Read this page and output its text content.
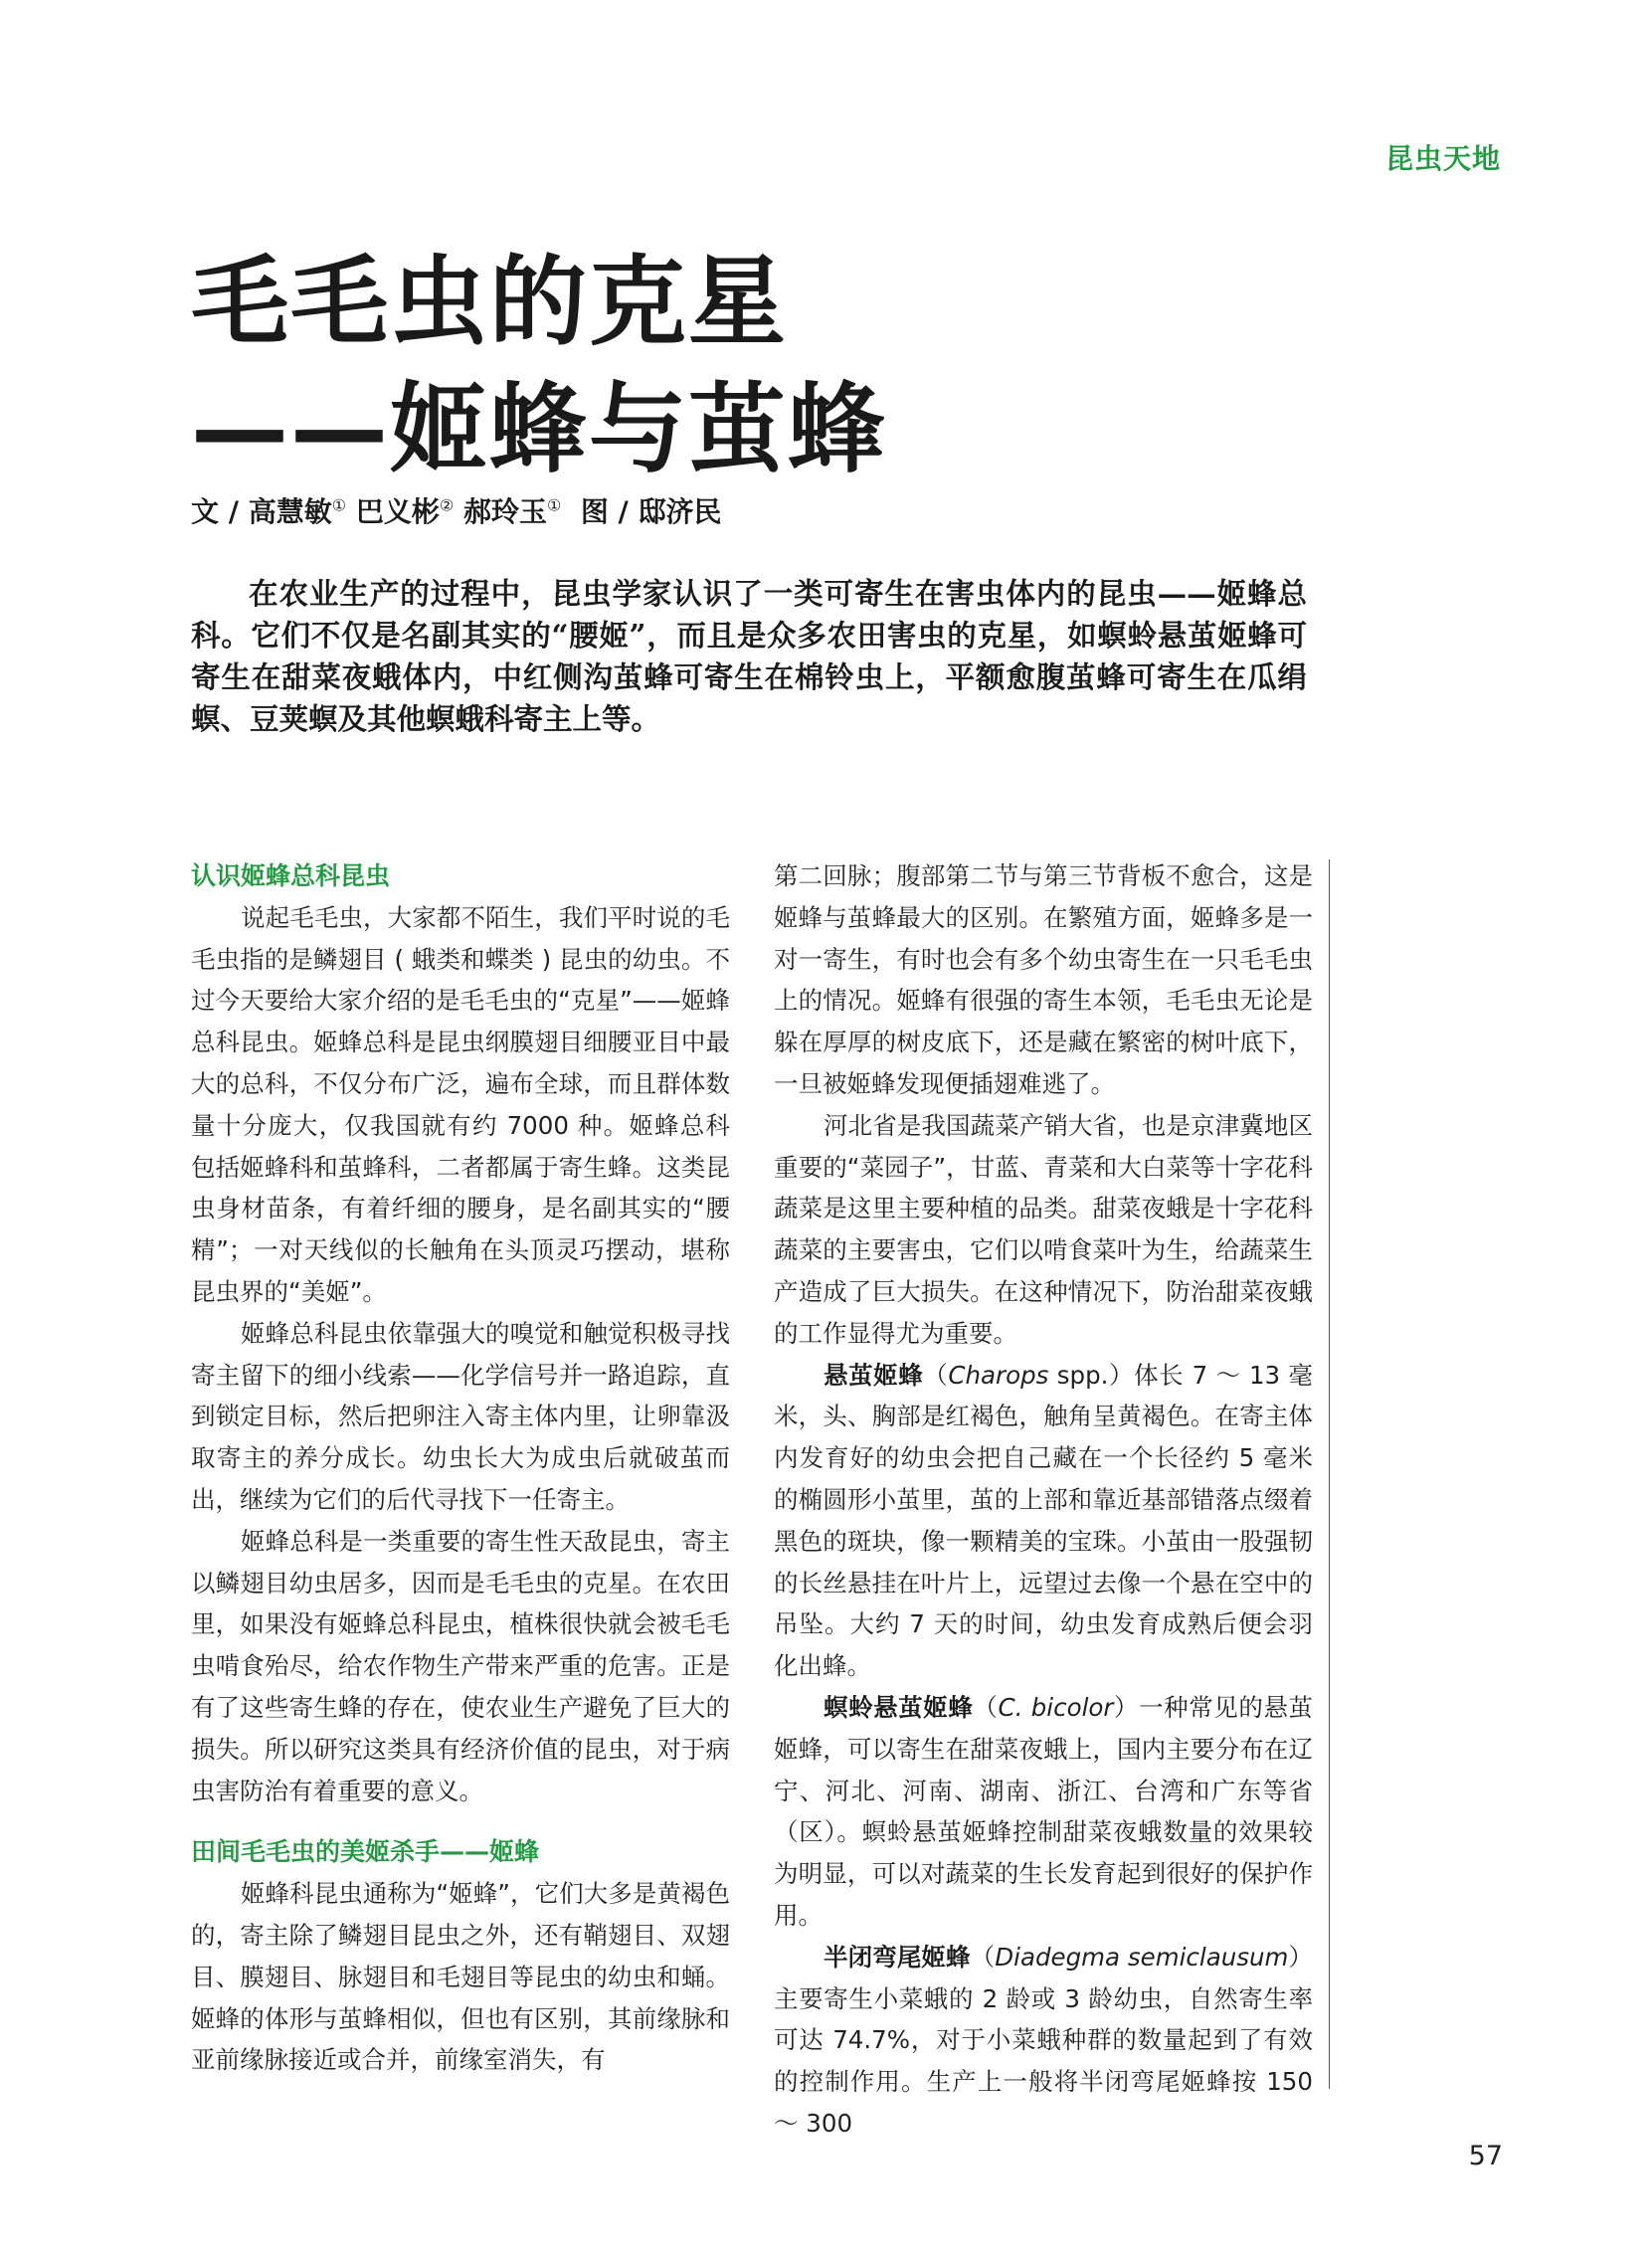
昆虫天地
毛毛虫的克星
——姬蜂与茧蜂
文 / 高慧敏① 巴义彬② 郝玲玉① 图 / 邸济民
在农业生产的过程中，昆虫学家认识了一类可寄生在害虫体内的昆虫——姬蜂总科。它们不仅是名副其实的“腰姬”，而且是众多农田害虫的克星，如螟蛉悬茧姬蜂可寄生在甜菜夜蛾体内，中红侧沟茧蜂可寄生在棉铃虫上，平额愈腹茧蜂可寄生在瓜绢螟、豆荚螟及其他螟蛾科寄主上等。
认识姬蜂总科昆虫

说起毛毛虫，大家都不陌生，我们平时说的毛毛虫指的是鳞翅目 ( 蛾类和蝶类 ) 昆虫的幼虫。不过今天要给大家介绍的是毛毛虫的“克星”——姬蜂总科昆虫。姬蜂总科是昆虫纲膜翅目细腰亚目中最大的总科，不仅分布广泛，遍布全球，而且群体数量十分庞大，仅我国就有约 7000 种。姬蜂总科包括姬蜂科和茧蜂科，二者都属于寄生蜂。这类昆虫身材苗条，有着纤细的腰身，是名副其实的“腰精”；一对天线似的长触角在头顶灵巧摆动，堪称昆虫界的“美姬”。

姬蜂总科昆虫依靠强大的嗅觉和触觉积极寻找寄主留下的细小线索——化学信号并一路追踪，直到锁定目标，然后把卵注入寄主体内里，让卵靠汲取寄主的养分成长。幼虫长大为成虫后就破茧而出，继续为它们的后代寻找下一任寄主。

姬蜂总科是一类重要的寄生性天敌昆虫，寄主以鳞翅目幼虫居多，因而是毛毛虫的克星。在农田里，如果没有姬蜂总科昆虫，植株很快就会被毛毛虫啃食殆尽，给农作物生产带来严重的危害。正是有了这些寄生蜂的存在，使农业生产避免了巨大的损失。所以研究这类具有经济价值的昆虫，对于病虫害防治有着重要的意义。

田间毛毛虫的美姬杀手——姬蜂

姬蜂科昆虫通称为“姬蜂”，它们大多是黄褐色的，寄主除了鳞翅目昆虫之外，还有鞘翅目、双翅目、膜翅目、脉翅目和毛翅目等昆虫的幼虫和蛹。姬蜂的体形与茧蜂相似，但也有区别，其前缘脉和亚前缘脉接近或合并，前缘室消失，有

第二回脉；腹部第二节与第三节背板不愈合，这是姬蜂与茧蜂最大的区别。在繁殖方面，姬蜂多是一对一寄生，有时也会有多个幼虫寄生在一只毛毛虫上的情况。姬蜂有很强的寄生本领，毛毛虫无论是躲在厚厚的树皮底下，还是藏在繁密的树叶底下，一旦被姬蜂发现便插翅难逃了。

河北省是我国蔬菜产销大省，也是京津冀地区重要的“菜园子”，甘蓝、青菜和大白菜等十字花科蔬菜是这里主要种植的品类。甜菜夜蛾是十字花科蔬菜的主要害虫，它们以啃食菜叶为生，给蔬菜生产造成了巨大损失。在这种情况下，防治甜菜夜蛾的工作显得尤为重要。

悬茧姬蜂（Charops spp.）体长 7 ～ 13 毫米，头、胸部是红褐色，触角呈黄褐色。在寄主体内发育好的幼虫会把自己藏在一个长径约 5 毫米的椭圆形小茧里，茧的上部和靠近基部错落点缀着黑色的斑块，像一颗精美的宝珠。小茧由一股强韧的长丝悬挂在叶片上，远望过去像一个悬在空中的吊坠。大约 7 天的时间，幼虫发育成熟后便会羽化出蜂。

螟蛉悬茧姬蜂（C. bicolor）一种常见的悬茧姬蜂，可以寄生在甜菜夜蛾上，国内主要分布在辽宁、河北、河南、湖南、浙江、台湾和广东等省（区）。螟蛉悬茧姬蜂控制甜菜夜蛾数量的效果较为明显，可以对蔬菜的生长发育起到很好的保护作用。

半闭弯尾姬蜂（Diadegma semiclausum）主要寄生小菜蛾的 2 龄或 3 龄幼虫，自然寄生率可达 74.7%，对于小菜蛾种群的数量起到了有效的控制作用。生产上一般将半闭弯尾姬蜂按 150 ～ 300

57
